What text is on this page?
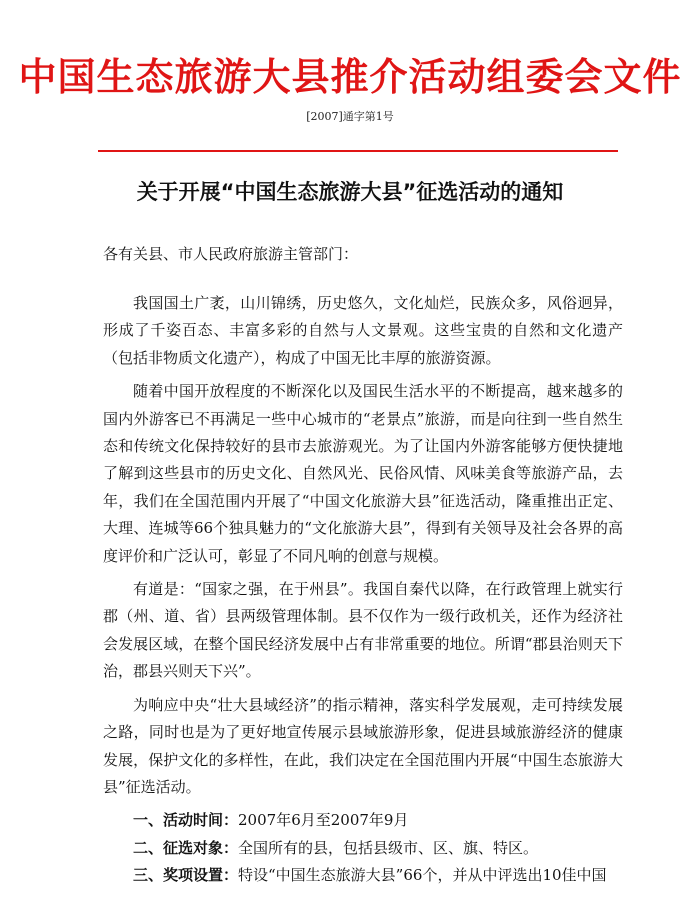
中国生态旅游大县推介活动组委会文件
[2007]通字第1号
关于开展“中国生态旅游大县”征选活动的通知
各有关县、市人民政府旅游主管部门：

我国国土广袤，山川锦绣，历史悠久，文化灿烂，民族众多，风俗迥异，形成了千姿百态、丰富多彩的自然与人文景观。这些宝贵的自然和文化遗产（包括非物质文化遗产），构成了中国无比丰厚的旅游资源。

随着中国开放程度的不断深化以及国民生活水平的不断提高，越来越多的国内外游客已不再满足一些中心城市的“老景点”旅游，而是向往到一些自然生态和传统文化保持较好的县市去旅游观光。为了让国内外游客能够方便快捷地了解到这些县市的历史文化、自然风光、民俗风情、风味美食等旅游产品，去年，我们在全国范围内开展了“中国文化旅游大县”征选活动，隆重推出正定、大理、连城等66个独具魅力的“文化旅游大县”，得到有关领导及社会各界的高度评价和广泛认可，彰显了不同凡响的创意与规模。

有道是：“国家之强，在于州县”。我国自秦代以降，在行政管理上就实行郡（州、道、省）县两级管理体制。县不仅作为一级行政机关，还作为经济社会发展区域，在整个国民经济发展中占有非常重要的地位。所谓“郡县治则天下治，郡县兴则天下兴”。

为响应中央“壮大县域经济”的指示精神，落实科学发展观，走可持续发展之路，同时也是为了更好地宣传展示县域旅游形象，促进县域旅游经济的健康发展，保护文化的多样性，在此，我们决定在全国范围内开展“中国生态旅游大县”征选活动。

一、活动时间：2007年6月至2007年9月
二、征选对象：全国所有的县，包括县级市、区、旗、特区。
三、奖项设置：特设“中国生态旅游大县”66个，并从中评选出10佳中国
